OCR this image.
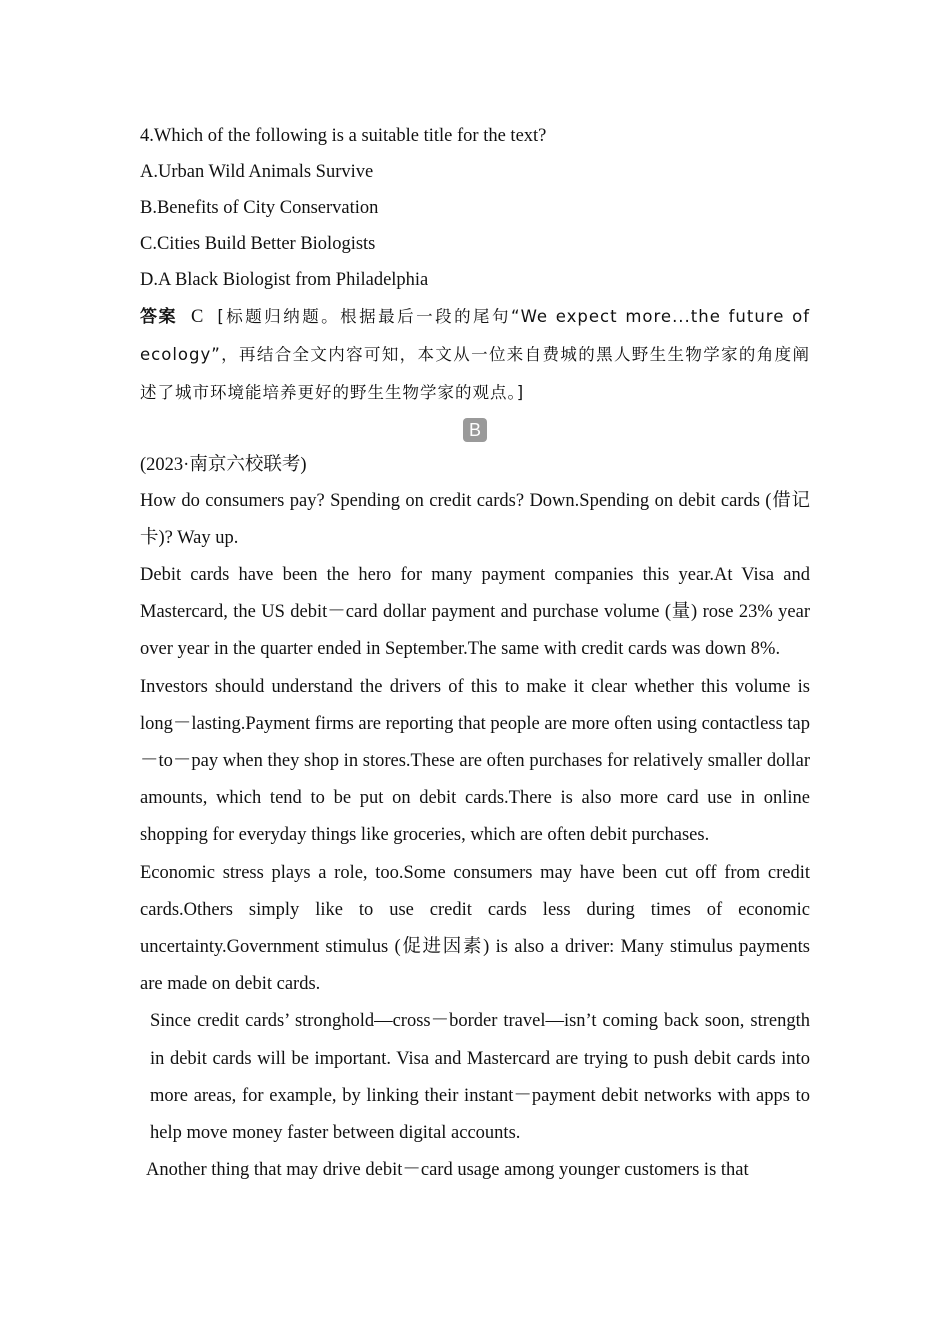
4.Which of the following is a suitable title for the text?

A.Urban Wild Animals Survive

B.Benefits of City Conservation

C.Cities Build Better Biologists

D.A Black Biologist from Philadelphia

答案 C [标题归纳题。根据最后一段的尾句“We expect more...the future of ecology”，再结合全文内容可知，本文从一位来自费城的黑人野生生物学家的角度阐述了城市环境能培养更好的野生生物学家的观点。]

B

(2023·南京六校联考)

How do consumers pay? Spending on credit cards? Down.Spending on debit cards (借记卡)? Way up.

Debit cards have been the hero for many payment companies this year.At Visa and Mastercard, the US debit－card dollar payment and purchase volume (量) rose 23% year over year in the quarter ended in September.The same with credit cards was down 8%.

Investors should understand the drivers of this to make it clear whether this volume is long－lasting.Payment firms are reporting that people are more often using contactless tap－to－pay when they shop in stores.These are often purchases for relatively smaller dollar amounts, which tend to be put on debit cards.There is also more card use in online shopping for everyday things like groceries, which are often debit purchases.

Economic stress plays a role, too.Some consumers may have been cut off from credit cards.Others simply like to use credit cards less during times of economic uncertainty.Government stimulus (促进因素) is also a driver: Many stimulus payments are made on debit cards.

Since credit cards’ stronghold—cross－border travel—isn’t coming back soon, strength in debit cards will be important. Visa and Mastercard are trying to push debit cards into more areas, for example, by linking their instant－payment debit networks with apps to help move money faster between digital accounts.

Another thing that may drive debit－card usage among younger customers is that
